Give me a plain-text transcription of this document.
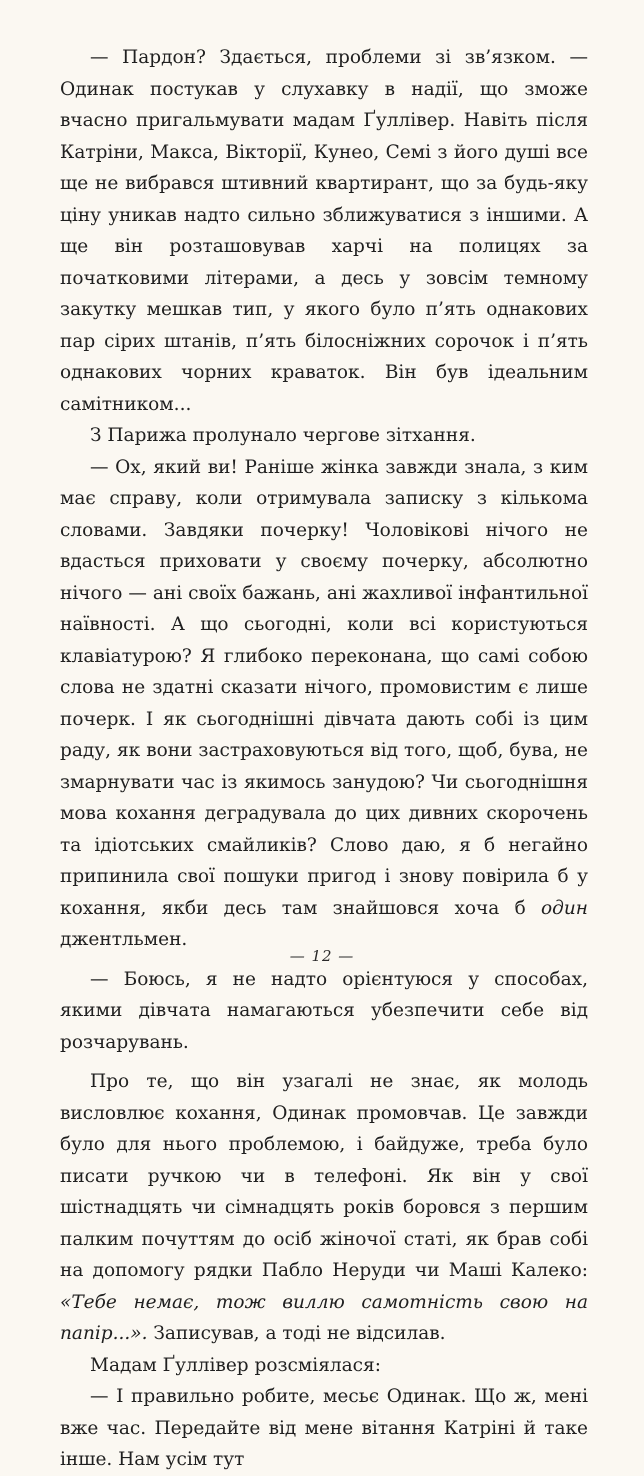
— Пардон? Здається, проблеми зі зв’язком. — Одинак постукав у слухавку в надії, що зможе вчасно пригальмувати мадам Ґуллівер. Навіть після Катріни, Макса, Вікторії, Кунео, Семі з його душі все ще не вибрався штивний квартирант, що за будь-яку ціну уникав надто сильно зближуватися з іншими. А ще він розташовував харчі на полицях за початковими літерами, а десь у зовсім темному закутку мешкав тип, у якого було п’ять однакових пар сірих штанів, п’ять білосніжних сорочок і п’ять однакових чорних краваток. Він був ідеальним самітником...

З Парижа пролунало чергове зітхання.

— Ох, який ви! Раніше жінка завжди знала, з ким має справу, коли отримувала записку з кількома словами. Завдяки почерку! Чоловікові нічого не вдасться приховати у своєму почерку, абсолютно нічого — ані своїх бажань, ані жахливої інфантильної наївності. А що сьогодні, коли всі користуються клавіатурою? Я глибоко переконана, що самі собою слова не здатні сказати нічого, промовистим є лише почерк. І як сьогоднішні дівчата дають собі із цим раду, як вони застраховуються від того, щоб, бува, не змарнувати час із якимось занудою? Чи сьогоднішня мова кохання деградувала до цих дивних скорочень та ідіотських смайликів? Слово даю, я б негайно припинила свої пошуки пригод і знову повірила б у кохання, якби десь там знайшовся хоча б один джентльмен.

— Боюсь, я не надто орієнтуюся у способах, якими дівчата намагаються убезпечити себе від розчарувань.

Про те, що він узагалі не знає, як молодь висловлює кохання, Одинак промовчав. Це завжди було для нього проблемою, і байдуже, треба було писати ручкою чи в телефоні. Як він у свої шістнадцять чи сімнадцять років боровся з першим палким почуттям до осіб жіночої статі, як брав собі на допомогу рядки Пабло Неруди чи Маші Калеко: «Тебе немає, тож виллю самотність свою на папір...». Записував, а тоді не відсилав.

Мадам Ґуллівер розсміялася:

— І правильно робите, месьє Одинак. Що ж, мені вже час. Передайте від мене вітання Катріні й таке інше. Нам усім тут

— 12 —
